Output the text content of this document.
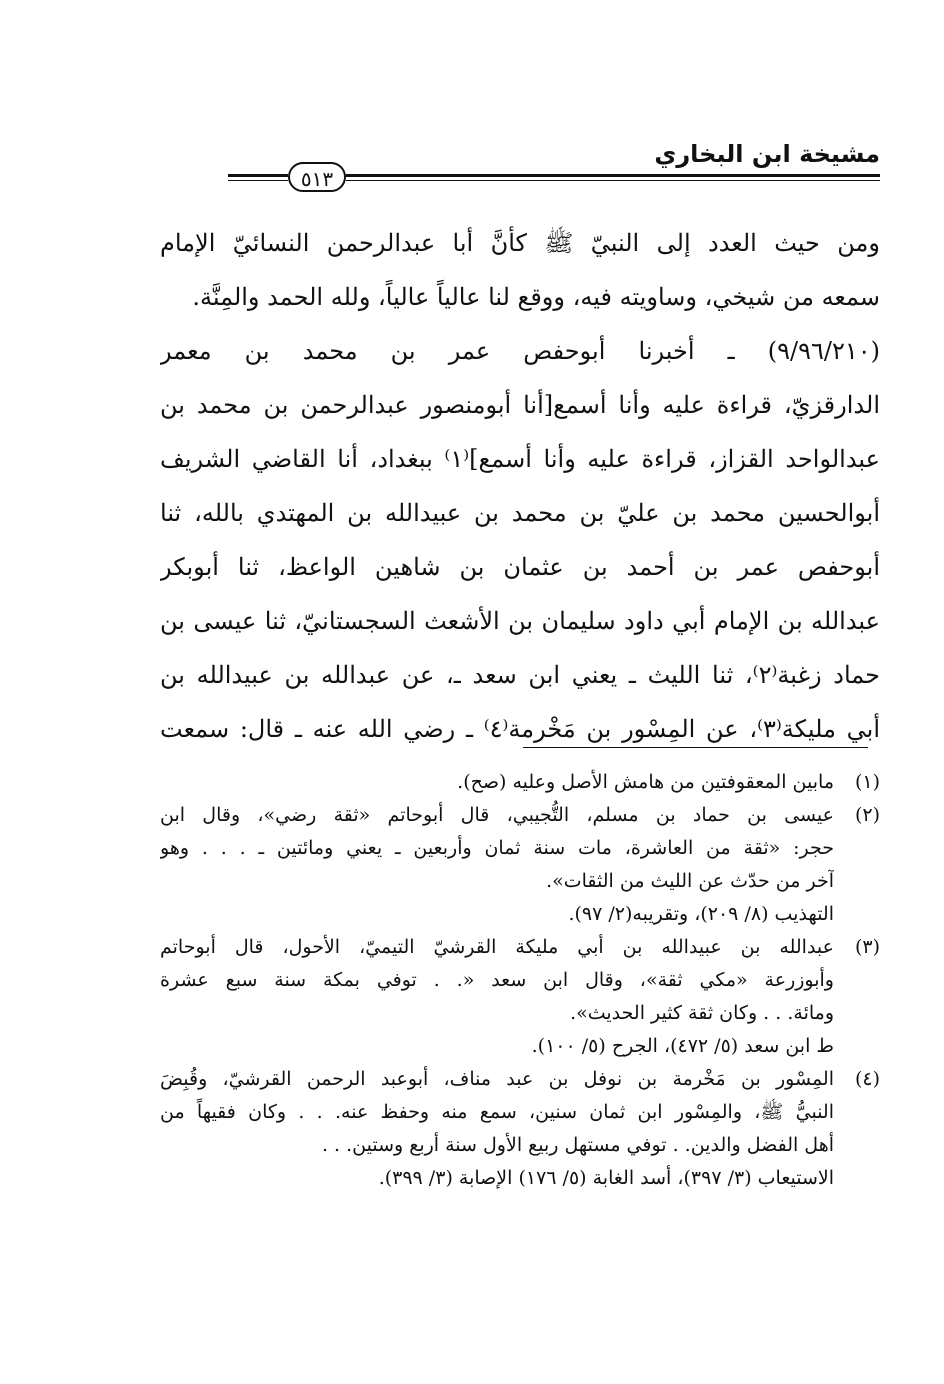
مشيخة ابن البخاري
٥١٣
ومن حيث العدد إلى النبيّ ﷺ كأنَّ أبا عبدالرحمن النسائيّ الإمام
سمعه من شيخي، وساويته فيه، ووقع لنا عالياً عالياً، ولله الحمد والمِنَّة.
(٩/٩٦/٢١٠) ـ أخبرنا أبوحفص عمر بن محمد بن معمر
الدارقزيّ، قراءة عليه وأنا أسمع[أنا أبومنصور عبدالرحمن بن محمد بن
عبدالواحد القزاز، قراءة عليه وأنا أسمع]⁽١⁾ ببغداد، أنا القاضي الشريف
أبوالحسين محمد بن عليّ بن محمد بن عبيدالله بن المهتدي بالله، ثنا
أبوحفص عمر بن أحمد بن عثمان بن شاهين الواعظ، ثنا أبوبكر
عبدالله بن الإمام أبي داود سليمان بن الأشعث السجستانيّ، ثنا عيسى بن
حماد زغبة⁽٢⁾، ثنا الليث ـ يعني ابن سعد ـ، عن عبدالله بن عبيدالله بن
أبي مليكة⁽٣⁾، عن المِسْور بن مَخْرمة⁽٤⁾ ـ رضي الله عنه ـ قال: سمعت
(١)
مابين المعقوفتين من هامش الأصل وعليه (صح).
(٢)
عيسى بن حماد بن مسلم، التُّجيبي، قال أبوحاتم «ثقة رضي»، وقال ابن
حجر: «ثقة من العاشرة، مات سنة ثمان وأربعين ـ يعني ومائتين ـ . . . وهو
آخر من حدّث عن الليث من الثقات».
التهذيب (٨/ ٢٠٩)، وتقريبه(٢/ ٩٧).
(٣)
عبدالله بن عبيدالله بن أبي مليكة القرشيّ التيميّ، الأحول، قال أبوحاتم
وأبوزرعة «مكي ثقة»، وقال ابن سعد «. . توفي بمكة سنة سبع عشرة
ومائة. . . وكان ثقة كثير الحديث».
ط ابن سعد (٥/ ٤٧٢)، الجرح (٥/ ١٠٠).
(٤)
المِسْور بن مَخْرمة بن نوفل بن عبد مناف، أبوعبد الرحمن القرشيّ، وقُبِضَ
النبيُّ ﷺ، والمِسْور ابن ثمان سنين، سمع منه وحفظ عنه. . . وكان فقيهاً من
أهل الفضل والدين. . توفي مستهل ربيع الأول سنة أربع وستين. . .
الاستيعاب (٣/ ٣٩٧)، أسد الغابة (٥/ ١٧٦) الإصابة (٣/ ٣٩٩).
